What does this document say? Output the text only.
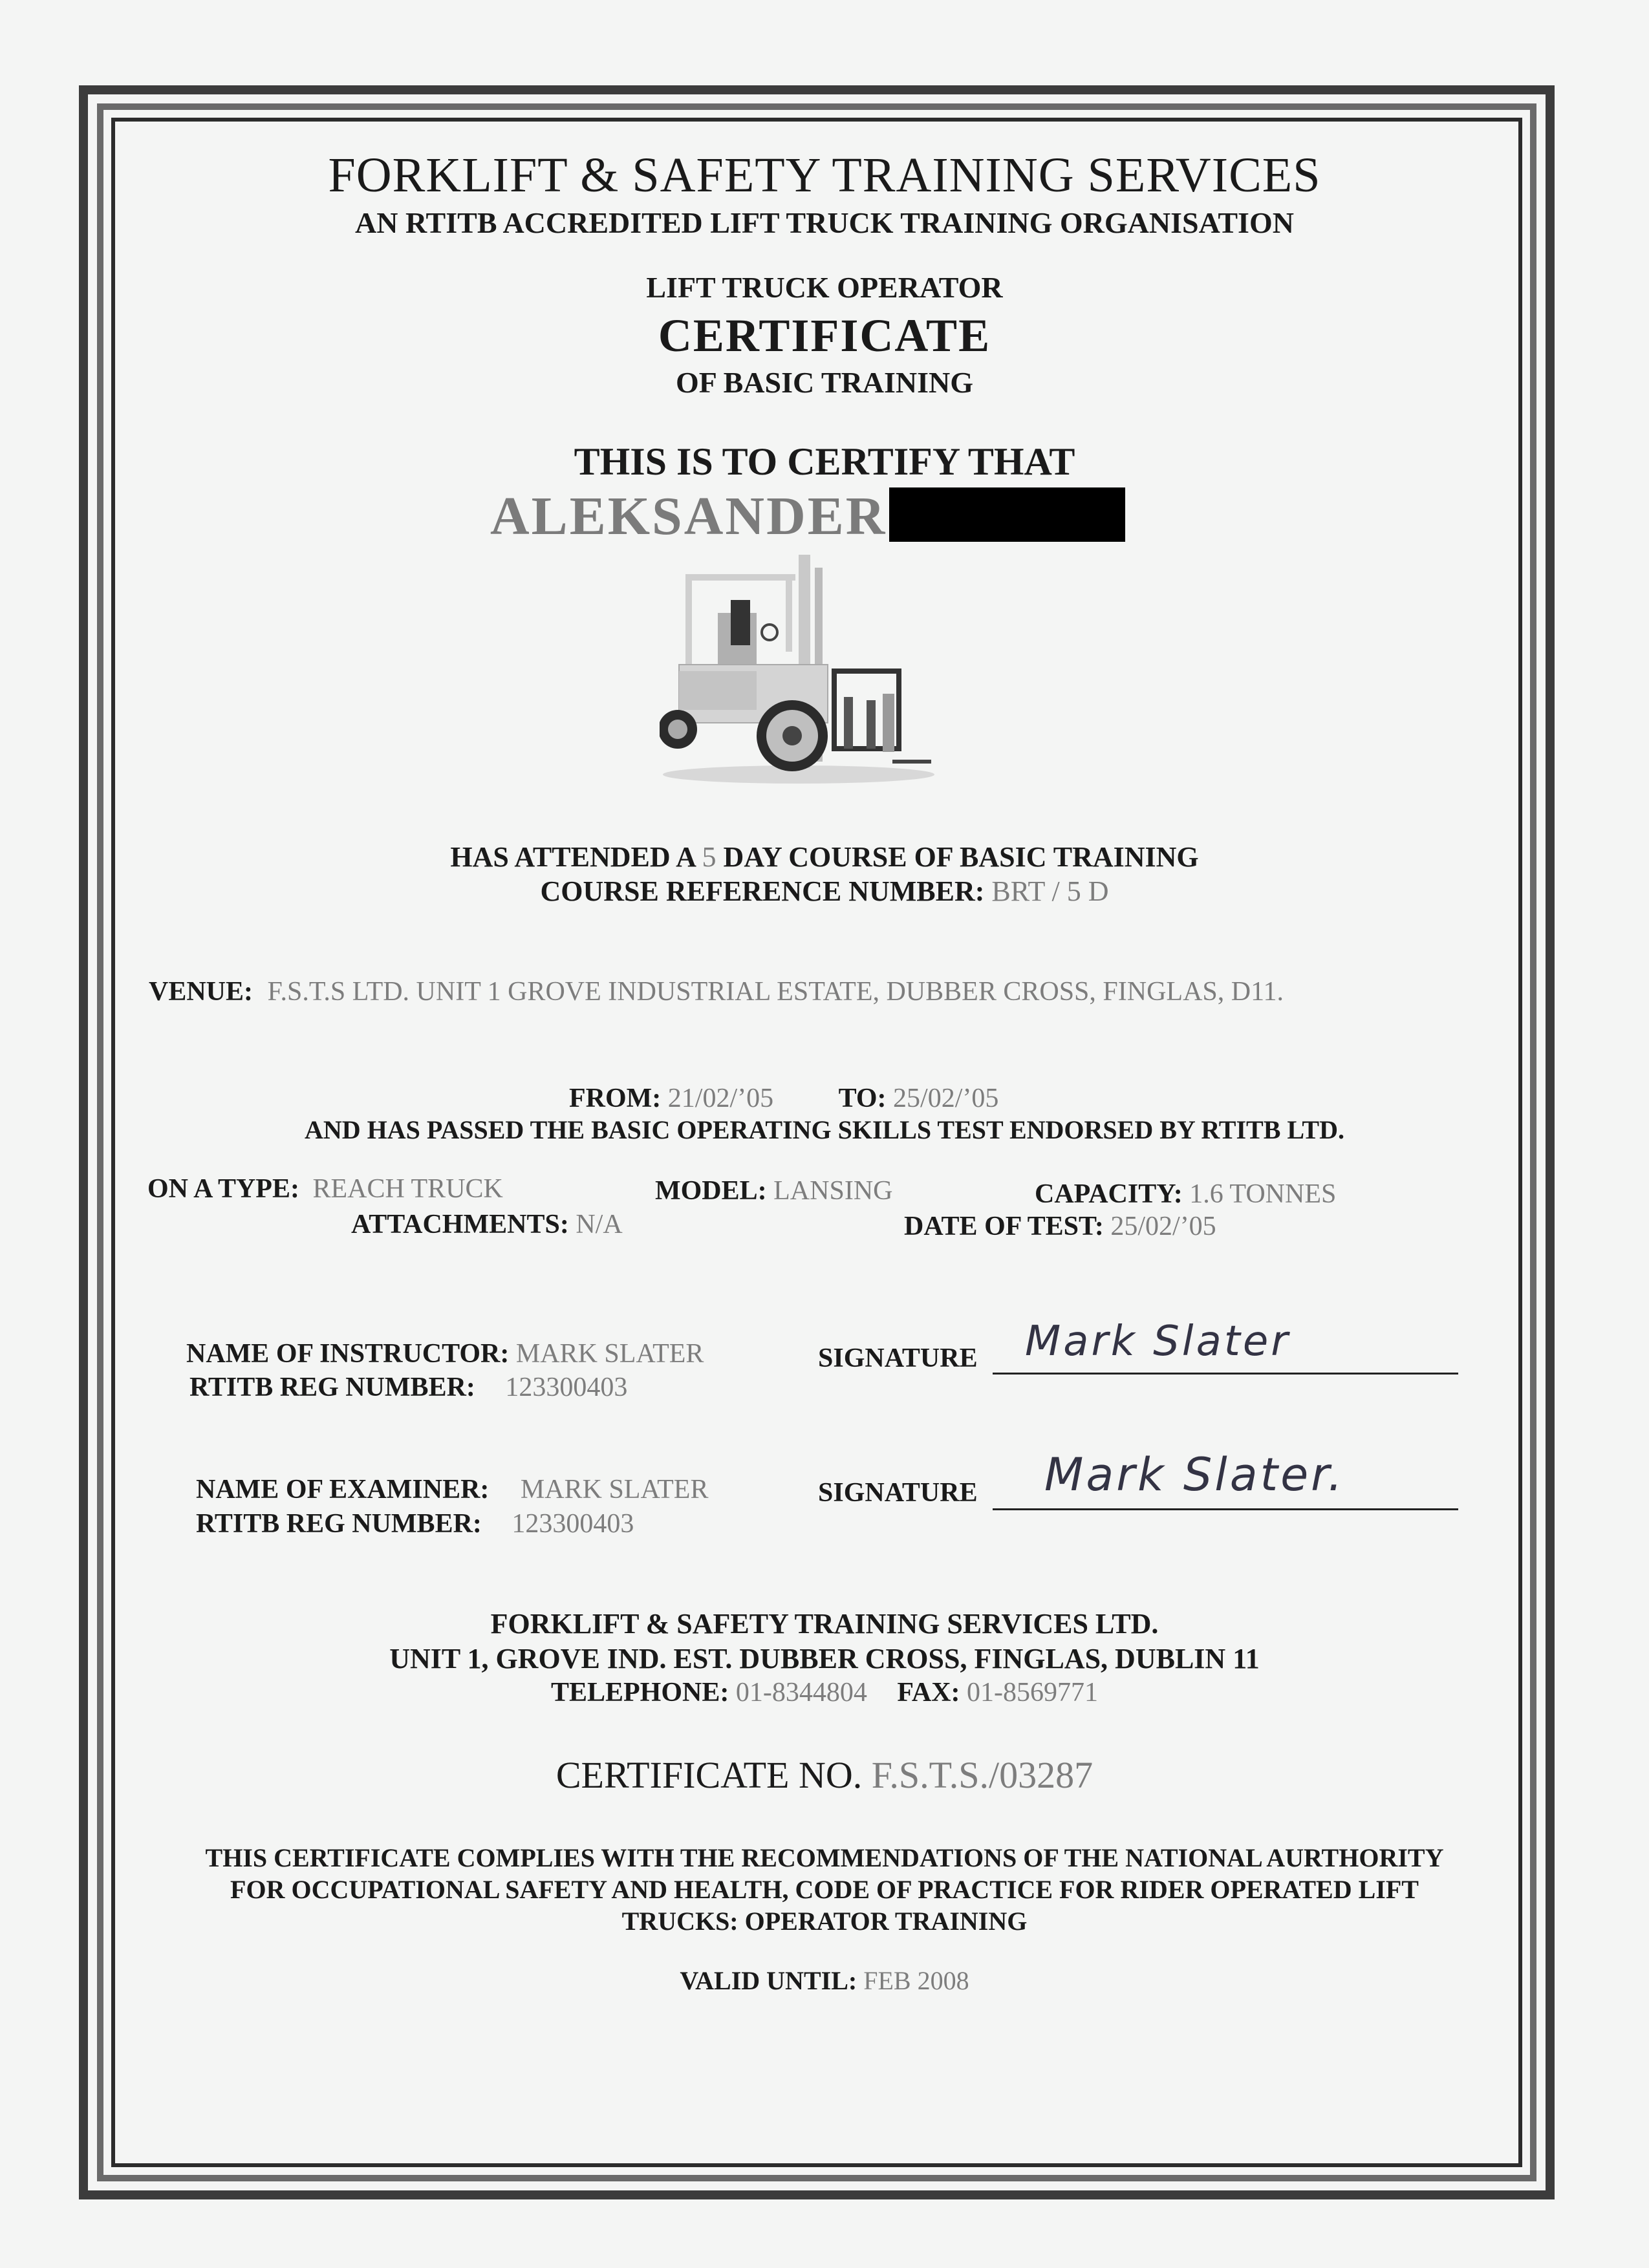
FORKLIFT & SAFETY TRAINING SERVICES
AN RTITB ACCREDITED LIFT TRUCK TRAINING ORGANISATION
LIFT TRUCK OPERATOR
CERTIFICATE
OF BASIC TRAINING
THIS IS TO CERTIFY THAT
ALEKSANDER
HAS ATTENDED A 5 DAY COURSE OF BASIC TRAINING
COURSE REFERENCE NUMBER: BRT / 5 D
VENUE: F.S.T.S LTD. UNIT 1 GROVE INDUSTRIAL ESTATE, DUBBER CROSS, FINGLAS, D11.
FROM: 21/02/’05 TO: 25/02/’05
AND HAS PASSED THE BASIC OPERATING SKILLS TEST ENDORSED BY RTITB LTD.
ON A TYPE: REACH TRUCK	MODEL: LANSING	CAPACITY: 1.6 TONNES
ATTACHMENTS: N/A	DATE OF TEST: 25/02/’05
NAME OF INSTRUCTOR: MARK SLATER
RTITB REG NUMBER: 123300403
SIGNATURE Mark Slater
NAME OF EXAMINER: MARK SLATER
RTITB REG NUMBER: 123300403
SIGNATURE Mark Slater.
FORKLIFT & SAFETY TRAINING SERVICES LTD.
UNIT 1, GROVE IND. EST. DUBBER CROSS, FINGLAS, DUBLIN 11
TELEPHONE: 01-8344804 FAX: 01-8569771
CERTIFICATE NO. F.S.T.S./03287
THIS CERTIFICATE COMPLIES WITH THE RECOMMENDATIONS OF THE NATIONAL AURTHORITY
FOR OCCUPATIONAL SAFETY AND HEALTH, CODE OF PRACTICE FOR RIDER OPERATED LIFT
TRUCKS: OPERATOR TRAINING
VALID UNTIL: FEB 2008
